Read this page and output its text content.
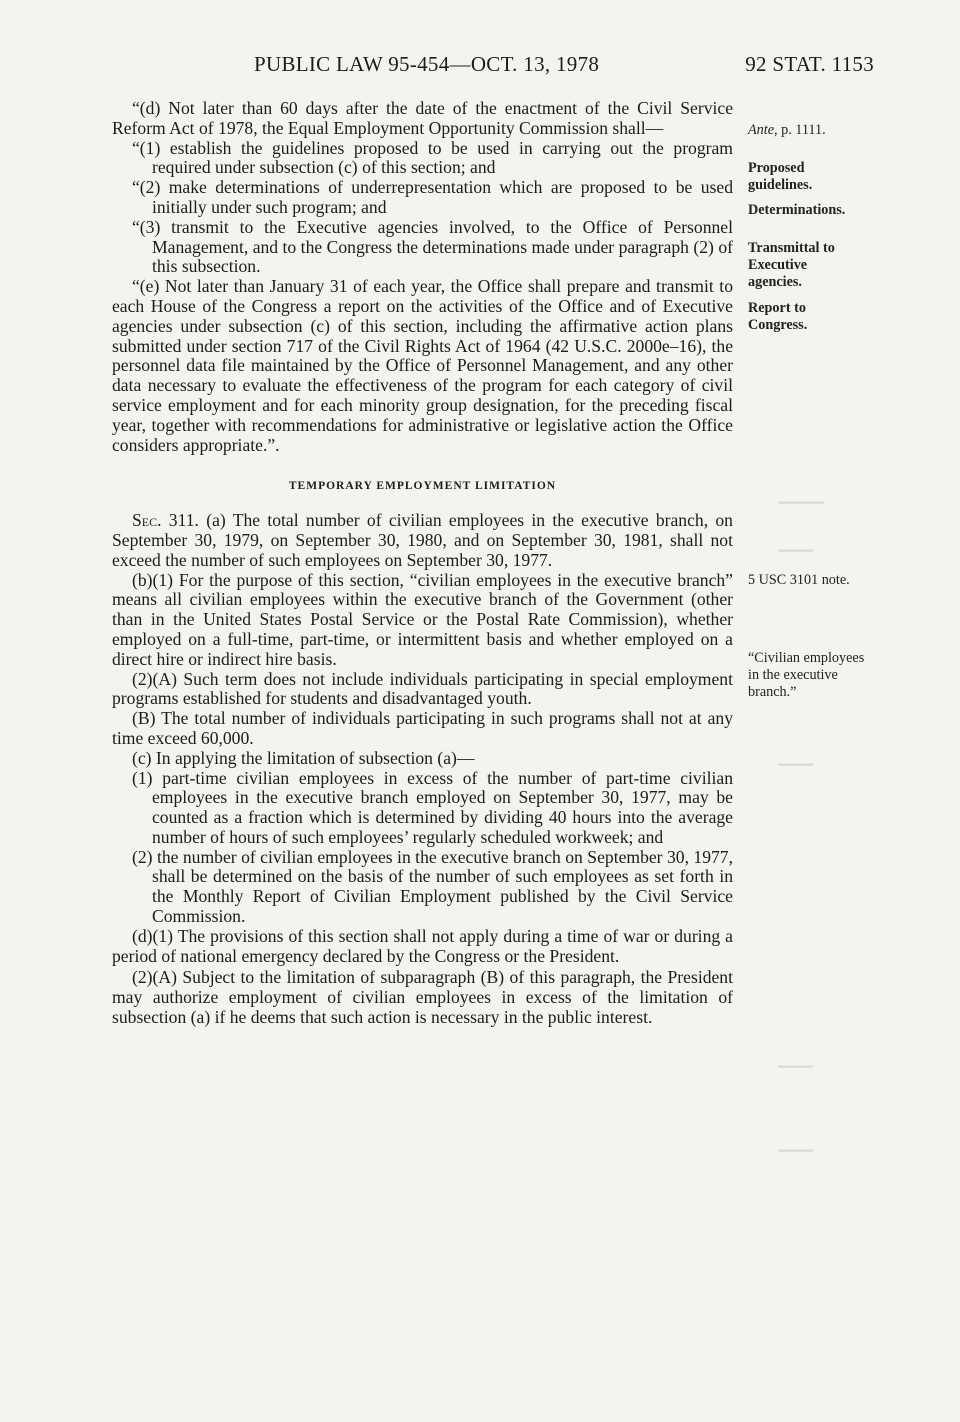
▁▁▁▁
▁▁▁
▁▁▁
▁▁▁
▁▁▁
PUBLIC LAW 95-454—OCT. 13, 1978	92 STAT. 1153

“(d) Not later than 60 days after the date of the enactment of the Civil Service Reform Act of 1978, the Equal Employment Opportunity Commission shall—

“(1) establish the guidelines proposed to be used in carrying out the program required under subsection (c) of this section; and

“(2) make determinations of underrepresentation which are proposed to be used initially under such program; and

“(3) transmit to the Executive agencies involved, to the Office of Personnel Management, and to the Congress the determinations made under paragraph (2) of this subsection.

“(e) Not later than January 31 of each year, the Office shall prepare and transmit to each House of the Congress a report on the activities of the Office and of Executive agencies under subsection (c) of this section, including the affirmative action plans submitted under section 717 of the Civil Rights Act of 1964 (42 U.S.C. 2000e–16), the personnel data file maintained by the Office of Personnel Management, and any other data necessary to evaluate the effectiveness of the program for each category of civil service employment and for each minority group designation, for the preceding fiscal year, together with recommendations for administrative or legislative action the Office considers appropriate.”.

TEMPORARY EMPLOYMENT LIMITATION

Sec. 311. (a) The total number of civilian employees in the executive branch, on September 30, 1979, on September 30, 1980, and on September 30, 1981, shall not exceed the number of such employees on September 30, 1977.

(b)(1) For the purpose of this section, “civilian employees in the executive branch” means all civilian employees within the executive branch of the Government (other than in the United States Postal Service or the Postal Rate Commission), whether employed on a full-time, part-time, or intermittent basis and whether employed on a direct hire or indirect hire basis.

(2)(A) Such term does not include individuals participating in special employment programs established for students and disadvantaged youth.

(B) The total number of individuals participating in such programs shall not at any time exceed 60,000.

(c) In applying the limitation of subsection (a)—

(1) part-time civilian employees in excess of the number of part-time civilian employees in the executive branch employed on September 30, 1977, may be counted as a fraction which is determined by dividing 40 hours into the average number of hours of such employees’ regularly scheduled workweek; and

(2) the number of civilian employees in the executive branch on September 30, 1977, shall be determined on the basis of the number of such employees as set forth in the Monthly Report of Civilian Employment published by the Civil Service Commission.

(d)(1) The provisions of this section shall not apply during a time of war or during a period of national emergency declared by the Congress or the President.

(2)(A) Subject to the limitation of subparagraph (B) of this paragraph, the President may authorize employment of civilian employees in excess of the limitation of subsection (a) if he deems that such action is necessary in the public interest.

Ante, p. 1111.
Proposed guidelines.
Determinations.
Transmittal to Executive agencies.
Report to Congress.
5 USC 3101 note.
“Civilian employees in the executive branch.”
